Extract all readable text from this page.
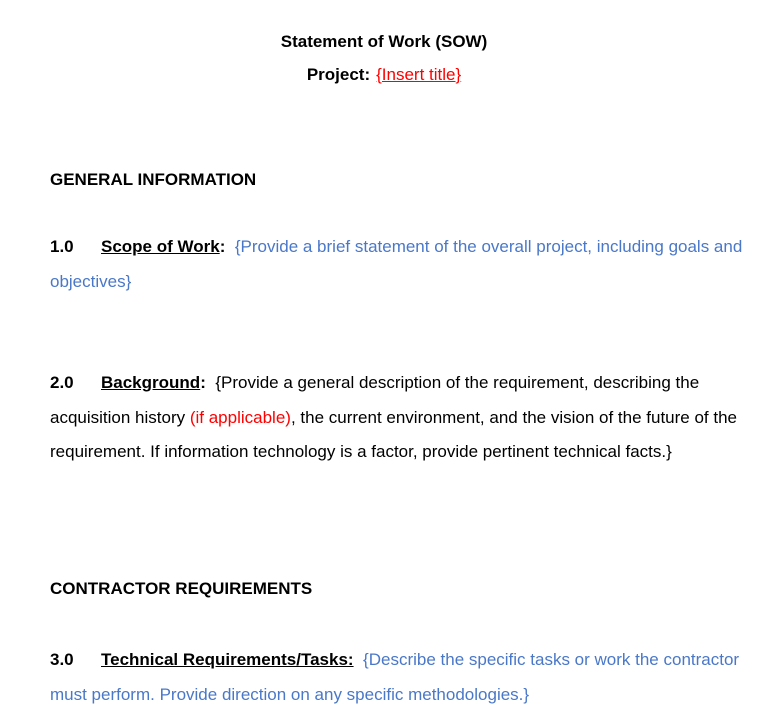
Statement of Work (SOW)
Project: {Insert title}
GENERAL INFORMATION

1.0 Scope of Work: {Provide a brief statement of the overall project, including goals and objectives}

2.0 Background: {Provide a general description of the requirement, describing the acquisition history (if applicable), the current environment, and the vision of the future of the requirement. If information technology is a factor, provide pertinent technical facts.}

CONTRACTOR REQUIREMENTS

3.0 Technical Requirements/Tasks: {Describe the specific tasks or work the contractor must perform. Provide direction on any specific methodologies.}
